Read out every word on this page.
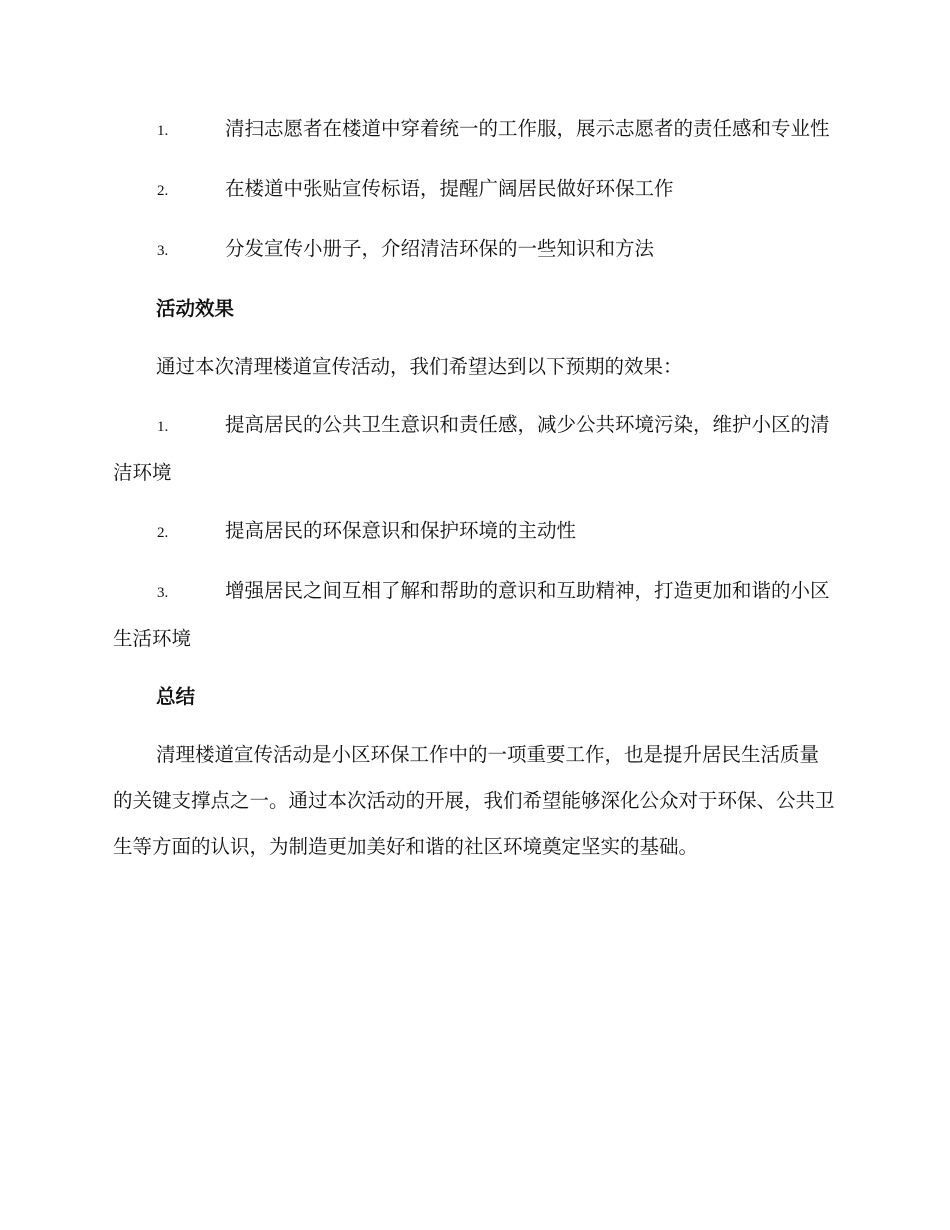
1.	清扫志愿者在楼道中穿着统一的工作服，展示志愿者的责任感和专业性
2.	在楼道中张贴宣传标语，提醒广阔居民做好环保工作
3.	分发宣传小册子，介绍清洁环保的一些知识和方法
活动效果
通过本次清理楼道宣传活动，我们希望达到以下预期的效果：
1.	提高居民的公共卫生意识和责任感，减少公共环境污染，维护小区的清洁环境
2.	提高居民的环保意识和保护环境的主动性
3.	增强居民之间互相了解和帮助的意识和互助精神，打造更加和谐的小区生活环境
总结
清理楼道宣传活动是小区环保工作中的一项重要工作，也是提升居民生活质量的关键支撑点之一。通过本次活动的开展，我们希望能够深化公众对于环保、公共卫生等方面的认识，为制造更加美好和谐的社区环境奠定坚实的基础。
